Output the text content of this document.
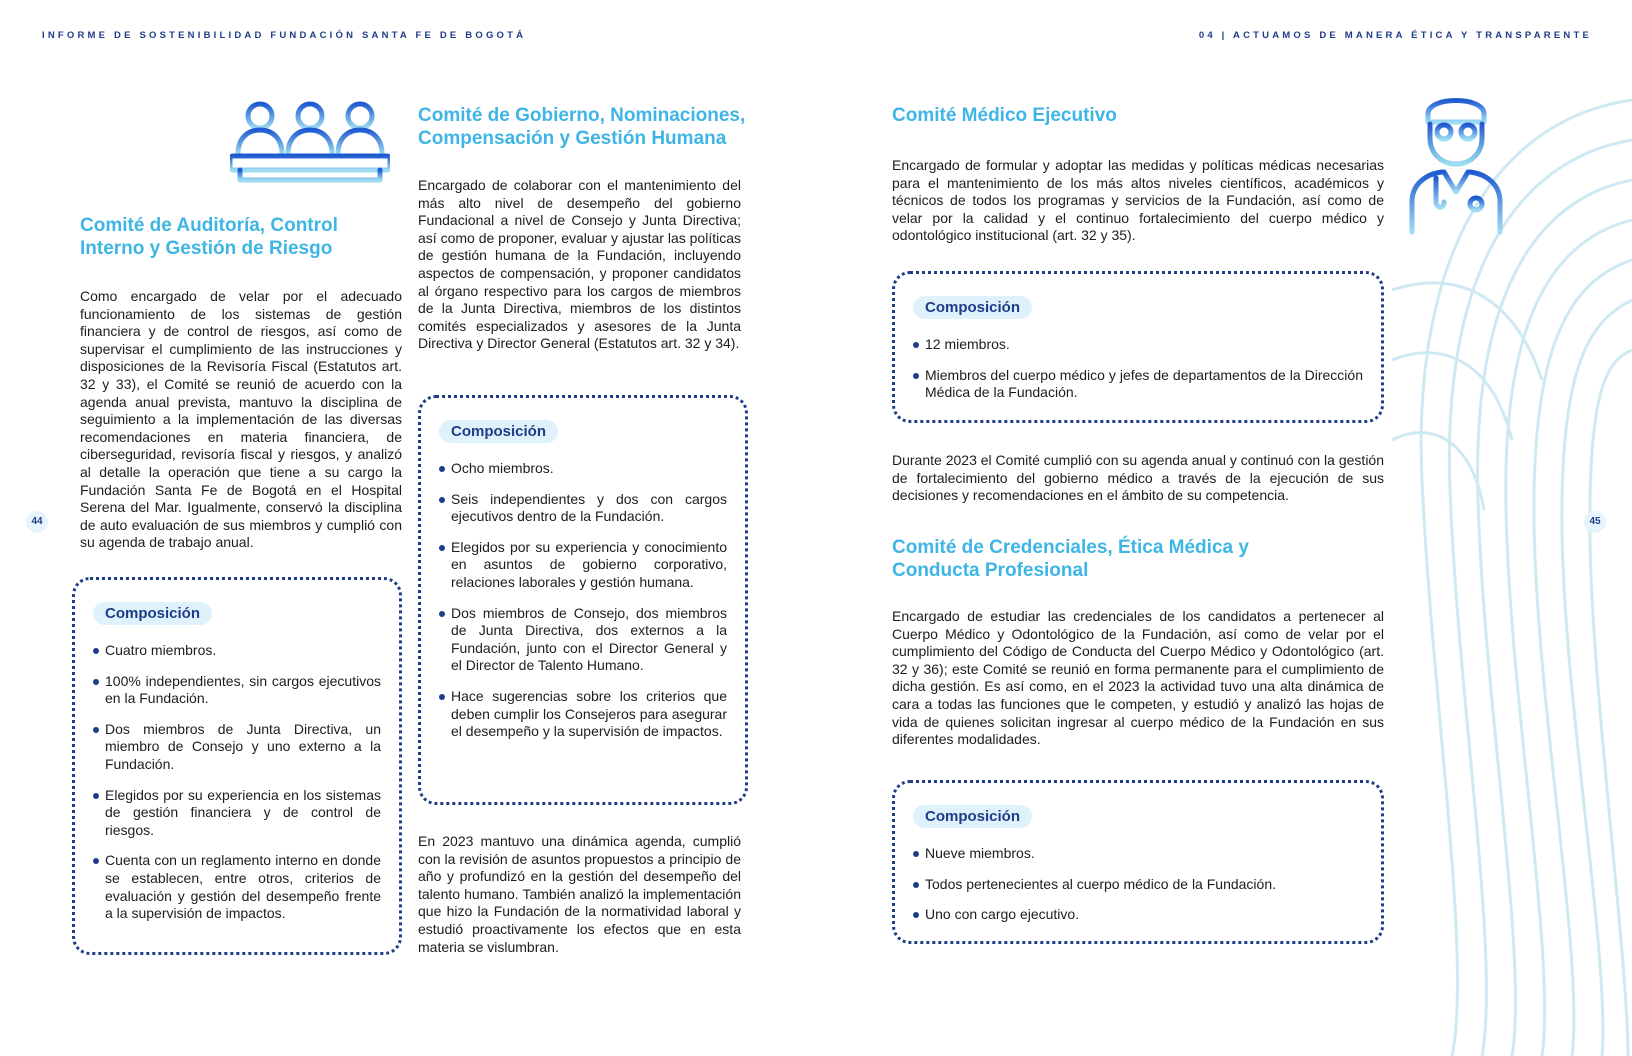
INFORME DE SOSTENIBILIDAD FUNDACIÓN SANTA FE DE BOGOTÁ	04 | ACTUAMOS DE MANERA ÉTICA Y TRANSPARENTE
44	45
Comité de Auditoría, Control
Interno y Gestión de Riesgo

Como encargado de velar por el adecuado funcionamiento de los sistemas de gestión financiera y de control de riesgos, así como de supervisar el cumplimiento de las instrucciones y disposiciones de la Revisoría Fiscal (Estatutos art. 32 y 33), el Comité se reunió de acuerdo con la agenda anual prevista, mantuvo la disciplina de seguimiento a la implementación de las diversas recomendaciones en materia financiera, de ciberseguridad, revisoría fiscal y riesgos, y analizó al detalle la operación que tiene a su cargo la Fundación Santa Fe de Bogotá en el Hospital Serena del Mar. Igualmente, conservó la disciplina de auto evaluación de sus miembros y cumplió con su agenda de trabajo anual.

Composición
Cuatro miembros.
100% independientes, sin cargos ejecutivos en la Fundación.
Dos miembros de Junta Directiva, un miembro de Consejo y uno externo a la Fundación.
Elegidos por su experiencia en los sistemas de gestión financiera y de control de riesgos.
Cuenta con un reglamento interno en donde se establecen, entre otros, criterios de evaluación y gestión del desempeño frente a la supervisión de impactos.
Comité de Gobierno, Nominaciones,
Compensación y Gestión Humana

Encargado de colaborar con el mantenimiento del más alto nivel de desempeño del gobierno Fundacional a nivel de Consejo y Junta Directiva; así como de proponer, evaluar y ajustar las políticas de gestión humana de la Fundación, incluyendo aspectos de compensación, y proponer candidatos al órgano respectivo para los cargos de miembros de la Junta Directiva, miembros de los distintos comités especializados y asesores de la Junta Directiva y Director General (Estatutos art. 32 y 34).

Composición
Ocho miembros.
Seis independientes y dos con cargos ejecutivos dentro de la Fundación.
Elegidos por su experiencia y conocimiento en asuntos de gobierno corporativo, relaciones laborales y gestión humana.
Dos miembros de Consejo, dos miembros de Junta Directiva, dos externos a la Fundación, junto con el Director General y el Director de Talento Humano.
Hace sugerencias sobre los criterios que deben cumplir los Consejeros para asegurar el desempeño y la supervisión de impactos.

En 2023 mantuvo una dinámica agenda, cumplió con la revisión de asuntos propuestos a principio de año y profundizó en la gestión del desempeño del talento humano. También analizó la implementación que hizo la Fundación de la normatividad laboral y estudió proactivamente los efectos que en esta materia se vislumbran.

Comité Médico Ejecutivo

Encargado de formular y adoptar las medidas y políticas médicas necesarias para el mantenimiento de los más altos niveles científicos, académicos y técnicos de todos los programas y servicios de la Fundación, así como de velar por la calidad y el continuo fortalecimiento del cuerpo médico y odontológico institucional (art. 32 y 35).

Composición
12 miembros.
Miembros del cuerpo médico y jefes de departamentos de la Dirección Médica de la Fundación.

Durante 2023 el Comité cumplió con su agenda anual y continuó con la gestión de fortalecimiento del gobierno médico a través de la ejecución de sus decisiones y recomendaciones en el ámbito de su competencia.

Comité de Credenciales, Ética Médica y
Conducta Profesional

Encargado de estudiar las credenciales de los candidatos a pertenecer al Cuerpo Médico y Odontológico de la Fundación, así como de velar por el cumplimiento del Código de Conducta del Cuerpo Médico y Odontológico (art. 32 y 36); este Comité se reunió en forma permanente para el cumplimiento de dicha gestión. Es así como, en el 2023 la actividad tuvo una alta dinámica de cara a todas las funciones que le competen, y estudió y analizó las hojas de vida de quienes solicitan ingresar al cuerpo médico de la Fundación en sus diferentes modalidades.

Composición
Nueve miembros.
Todos pertenecientes al cuerpo médico de la Fundación.
Uno con cargo ejecutivo.
